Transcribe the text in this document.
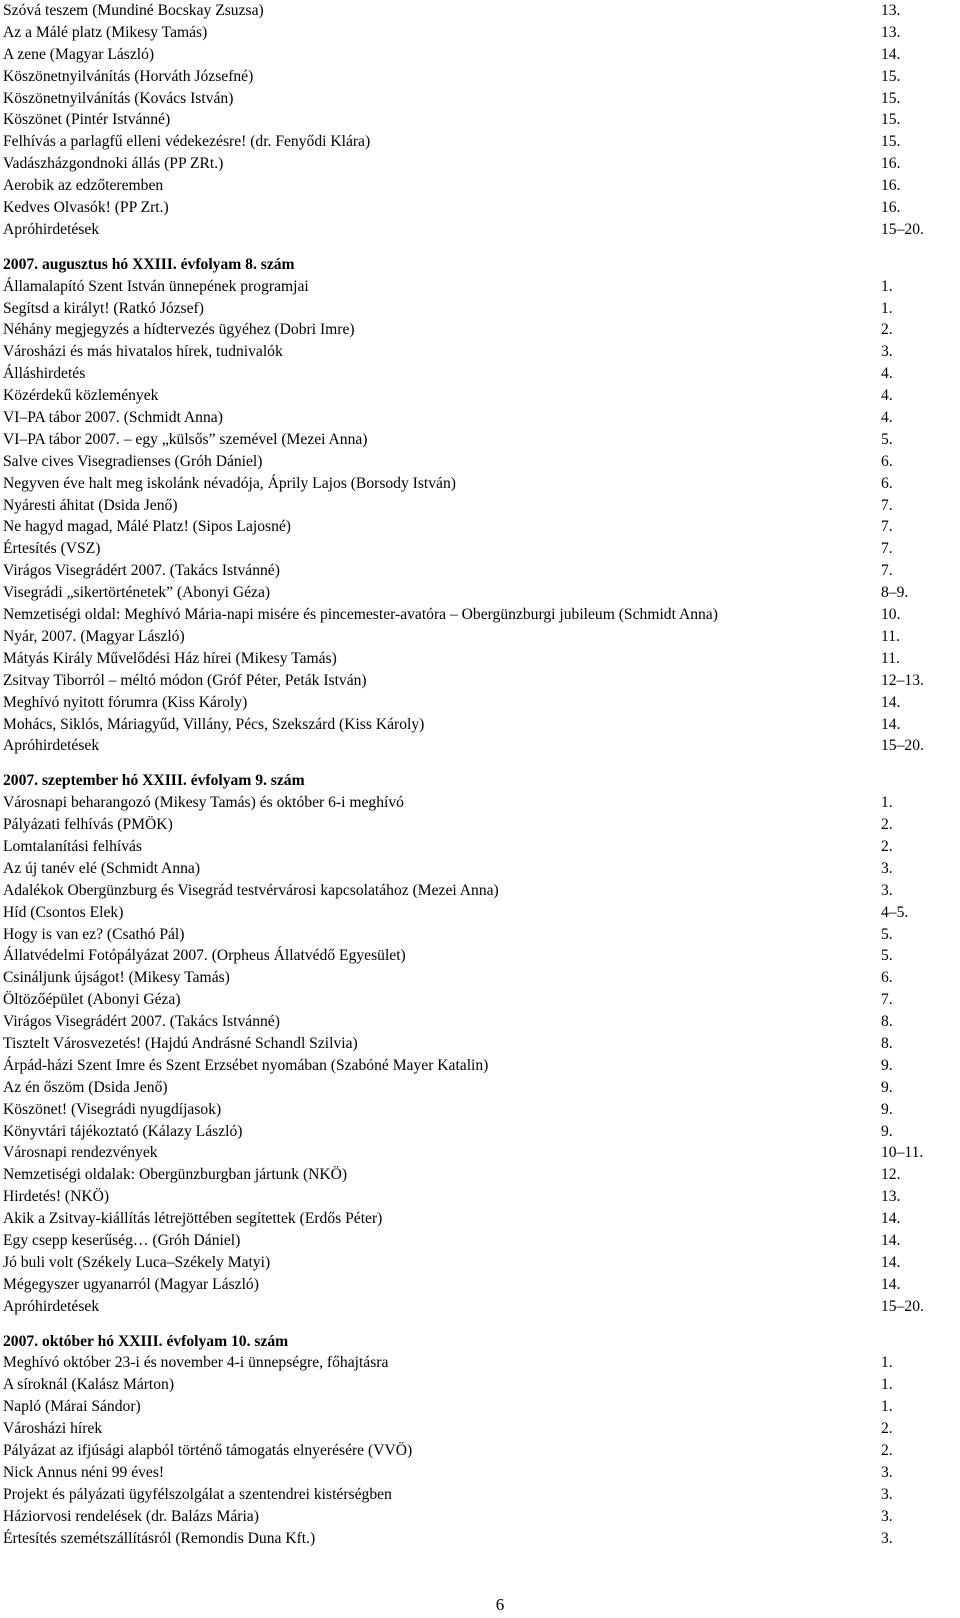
Szóvá teszem (Mundiné Bocskay Zsuzsa)	13.
Az a Málé platz (Mikesy Tamás)	13.
A zene (Magyar László)	14.
Köszönetnyilvánítás (Horváth Józsefné)	15.
Köszönetnyilvánítás (Kovács István)	15.
Köszönet (Pintér Istvánné)	15.
Felhívás a parlagfű elleni védekezésre! (dr. Fenyődi Klára)	15.
Vadászházgondnoki állás (PP ZRt.)	16.
Aerobik az edzőteremben	16.
Kedves Olvasók! (PP Zrt.)	16.
Apróhirdetések	15–20.
2007. augusztus hó XXIII. évfolyam 8. szám
Államalapító Szent István ünnepének programjai	1.
Segítsd a királyt! (Ratkó József)	1.
Néhány megjegyzés a hídtervezés ügyéhez (Dobri Imre)	2.
Városházi és más hivatalos hírek, tudnivalók	3.
Álláshirdetés	4.
Közérdekű közlemények	4.
VI–PA tábor 2007. (Schmidt Anna)	4.
VI–PA tábor 2007. – egy „külsős” szemével (Mezei Anna)	5.
Salve cives Visegradienses (Gróh Dániel)	6.
Negyven éve halt meg iskolánk névadója, Áprily Lajos (Borsody István)	6.
Nyáresti áhitat (Dsida Jenő)	7.
Ne hagyd magad, Málé Platz! (Sipos Lajosné)	7.
Értesítés (VSZ)	7.
Virágos Visegrádért 2007. (Takács Istvánné)	7.
Visegrádi „sikertörténetek” (Abonyi Géza)	8–9.
Nemzetiségi oldal: Meghívó Mária-napi misére és pincemester-avatóra – Obergünzburgi jubileum (Schmidt Anna)	10.
Nyár, 2007. (Magyar László)	11.
Mátyás Király Művelődési Ház hírei (Mikesy Tamás)	11.
Zsitvay Tiborról – méltó módon (Gróf Péter, Peták István)	12–13.
Meghívó nyitott fórumra (Kiss Károly)	14.
Mohács, Siklós, Máriagyűd, Villány, Pécs, Szekszárd (Kiss Károly)	14.
Apróhirdetések	15–20.
2007. szeptember hó XXIII. évfolyam 9. szám
Városnapi beharangozó (Mikesy Tamás) és október 6-i meghívó	1.
Pályázati felhívás (PMÖK)	2.
Lomtalanítási felhívás	2.
Az új tanév elé (Schmidt Anna)	3.
Adalékok Obergünzburg és Visegrád testvérvárosi kapcsolatához (Mezei Anna)	3.
Híd (Csontos Elek)	4–5.
Hogy is van ez? (Csathó Pál)	5.
Állatvédelmi Fotópályázat 2007. (Orpheus Állatvédő Egyesület)	5.
Csináljunk újságot! (Mikesy Tamás)	6.
Öltözőépület (Abonyi Géza)	7.
Virágos Visegrádért 2007. (Takács Istvánné)	8.
Tisztelt Városvezetés! (Hajdú Andrásné Schandl Szilvia)	8.
Árpád-házi Szent Imre és Szent Erzsébet nyomában (Szabóné Mayer Katalin)	9.
Az én őszöm (Dsida Jenő)	9.
Köszönet! (Visegrádi nyugdíjasok)	9.
Könyvtári tájékoztató (Kálazy László)	9.
Városnapi rendezvények	10–11.
Nemzetiségi oldalak: Obergünzburgban jártunk (NKÖ)	12.
Hirdetés! (NKÖ)	13.
Akik a Zsitvay-kiállítás létrejöttében segítettek (Erdős Péter)	14.
Egy csepp keserűség… (Gróh Dániel)	14.
Jó buli volt (Székely Luca–Székely Matyi)	14.
Mégegyszer ugyanarról (Magyar László)	14.
Apróhirdetések	15–20.
2007. október hó XXIII. évfolyam 10. szám
Meghívó október 23-i és november 4-i ünnepségre, főhajtásra	1.
A síroknál (Kalász Márton)	1.
Napló (Márai Sándor)	1.
Városházi hírek	2.
Pályázat az ifjúsági alapból történő támogatás elnyerésére (VVÖ)	2.
Nick Annus néni 99 éves!	3.
Projekt és pályázati ügyfélszolgálat a szentendrei kistérségben	3.
Háziorvosi rendelések (dr. Balázs Mária)	3.
Értesítés szemétszállításról (Remondis Duna Kft.)	3.
6
